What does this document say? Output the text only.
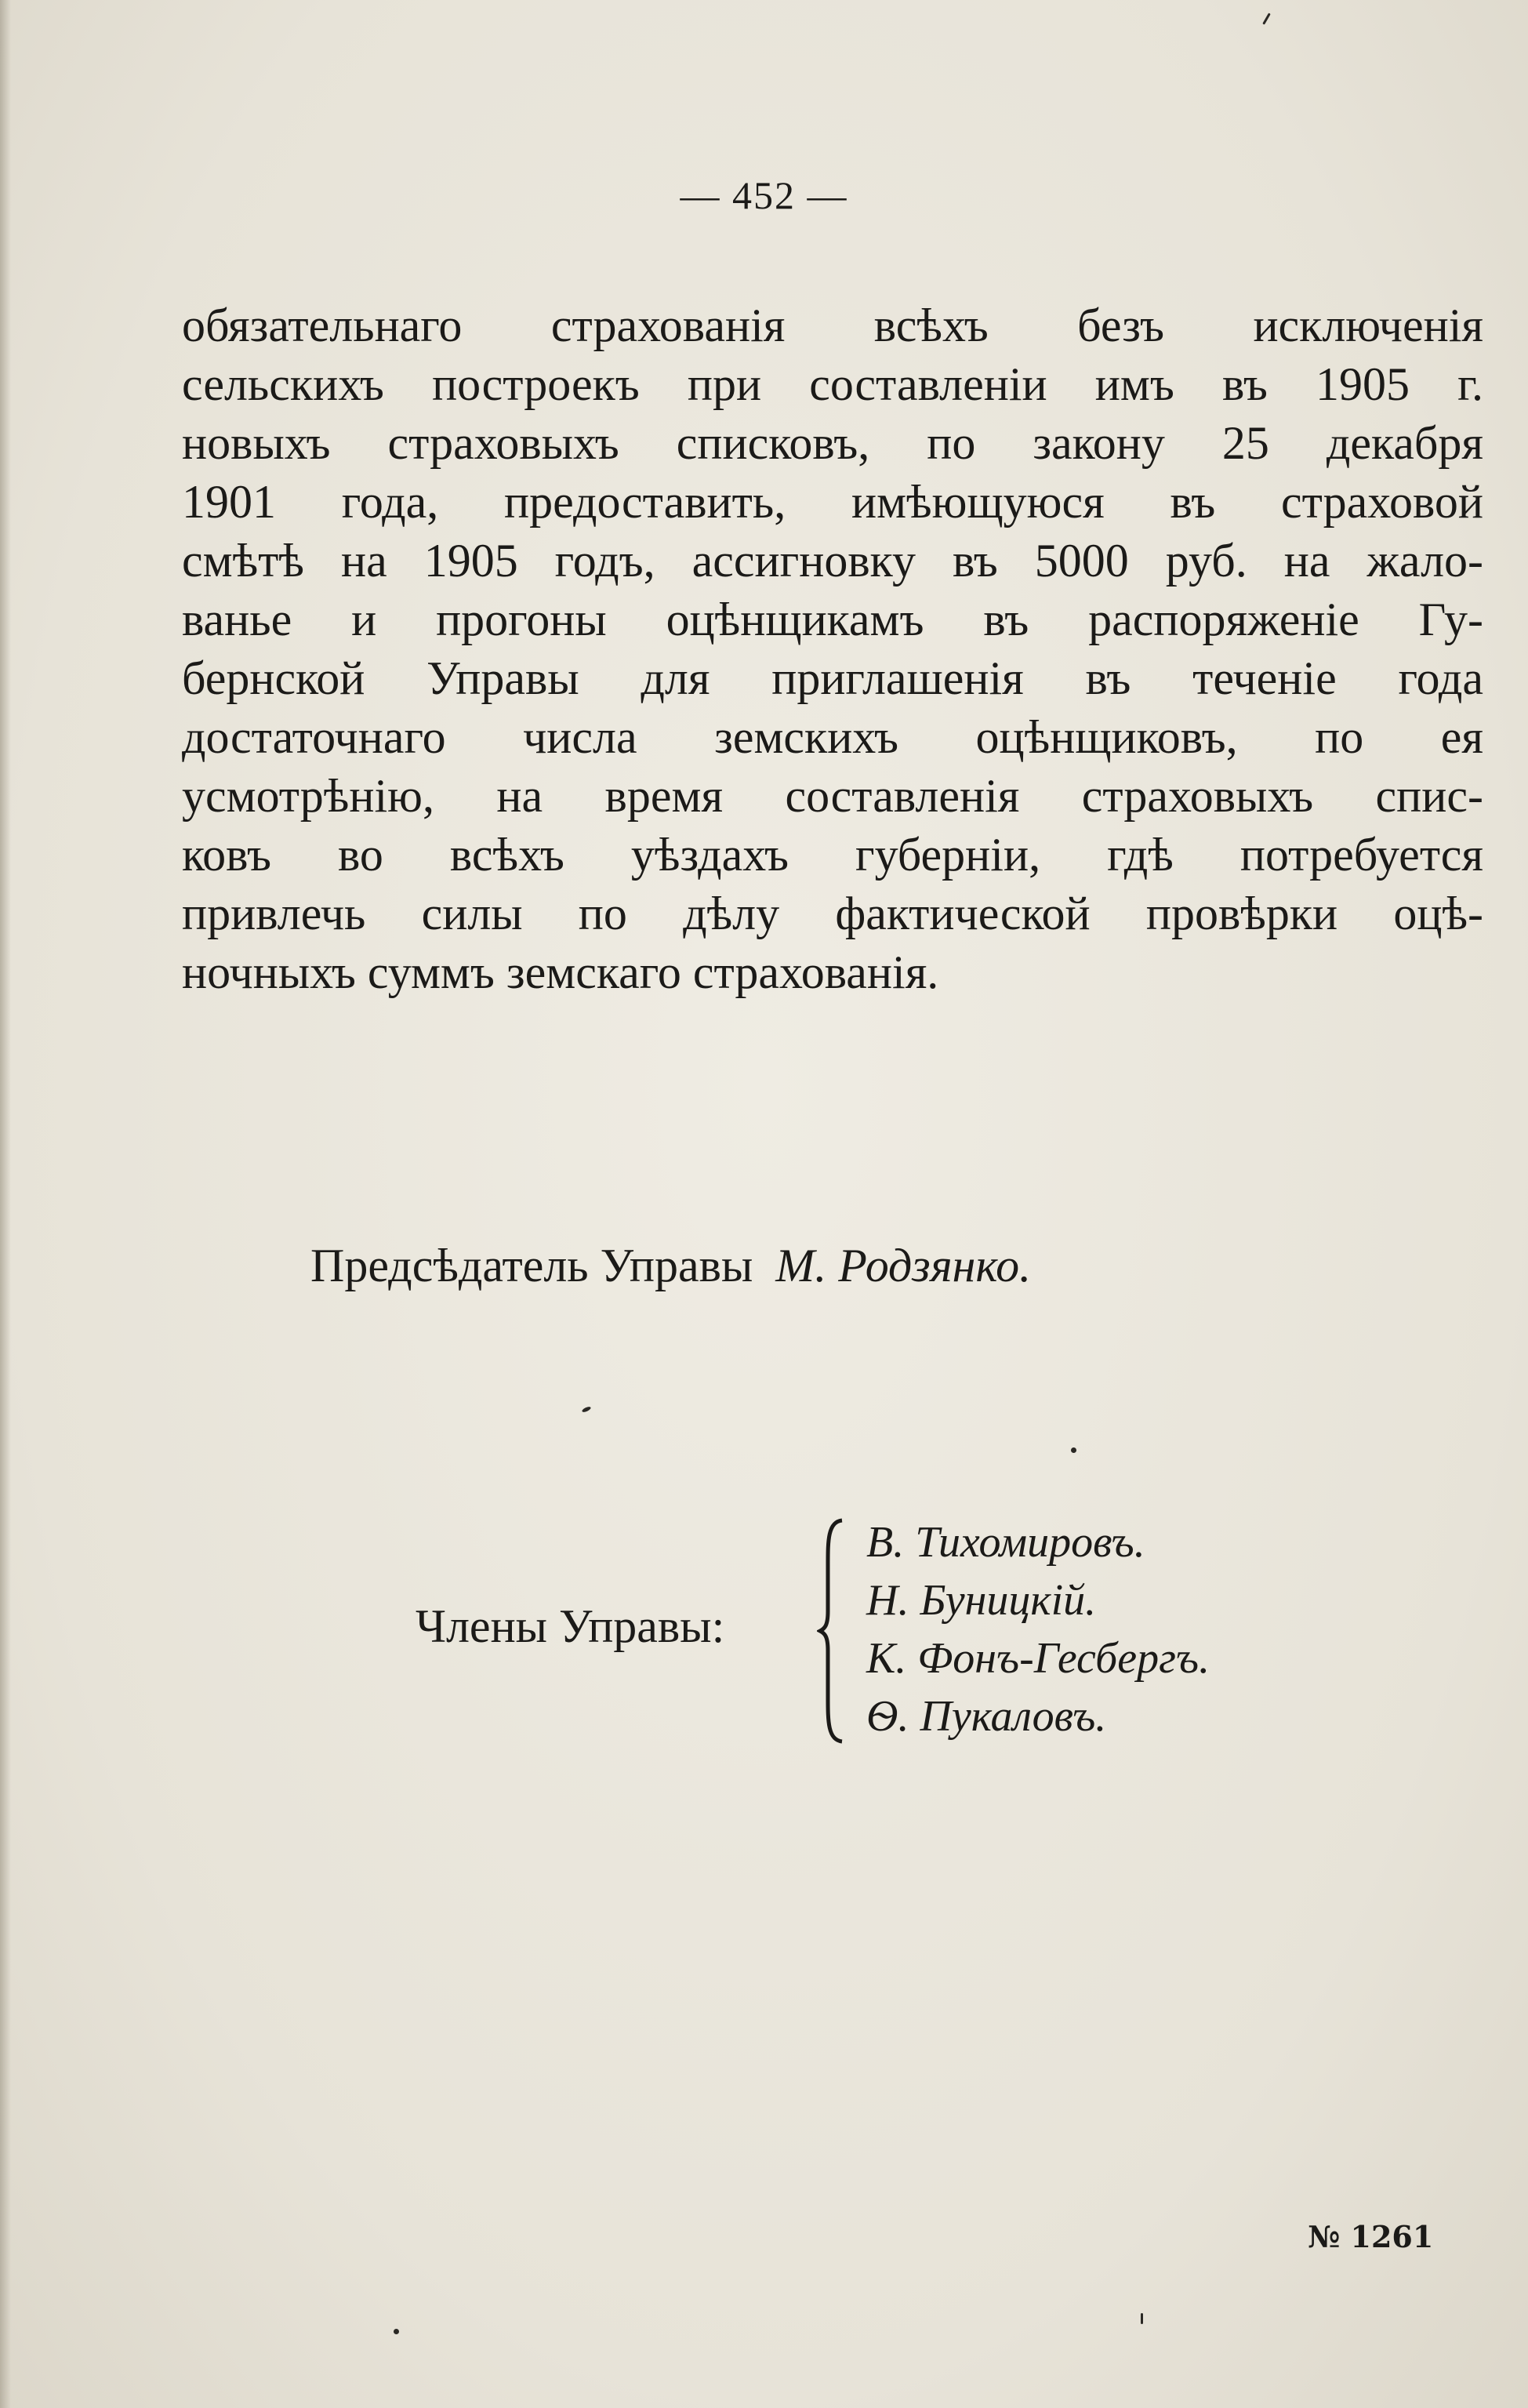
— 452 —
обязательнаго страхованія всѣхъ безъ исключенія
сельскихъ построекъ при составленіи имъ въ 1905 г.
новыхъ страховыхъ списковъ, по закону 25 декабря
1901 года, предоставить, имѣющуюся въ страховой
смѣтѣ на 1905 годъ, ассигновку въ 5000 руб. на жало-
ванье и прогоны оцѣнщикамъ въ распоряженіе Гу-
бернской Управы для приглашенія въ теченіе года
достаточнаго числа земскихъ оцѣнщиковъ, по ея
усмотрѣнію, на время составленія страховыхъ спис-
ковъ во всѣхъ уѣздахъ губерніи, гдѣ потребуется
привлечь силы по дѣлу фактической провѣрки оцѣ-
ночныхъ суммъ земскаго страхованія.
Предсѣдатель Управы М. Родзянко.
Члены Управы:
В. Тихомировъ.
Н. Буницкій.
К. Фонъ-Гесбергъ.
Ѳ. Пукаловъ.
№ 1261
